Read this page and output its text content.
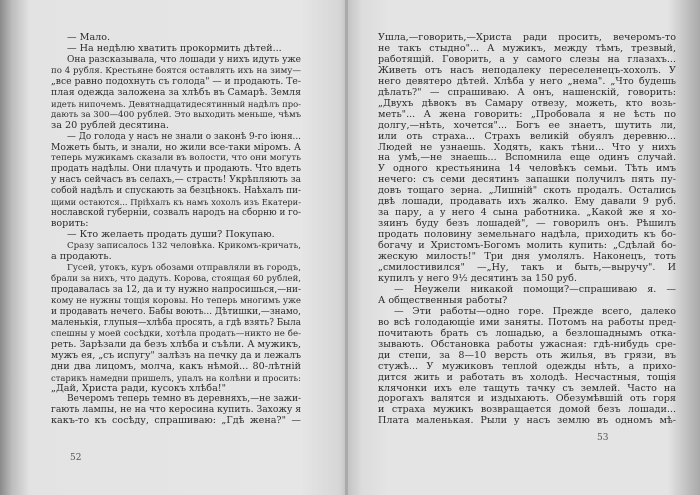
— Мало.
— На недѣлю хватить прокормить дѣтей...
Она разсказывала, что лошади у нихъ идуть уже
по 4 рубля. Крестьяне боятся оставлять ихъ на зиму—
„все равно подохнуть съ голода" — и продають. Те-
плая одежда заложена за хлѣбъ въ Самарѣ. Земля
идеть нипочемъ. Девятнадцатидесятинный надѣлъ про-
дають за 300—400 рублей. Это выходить меньше, чѣмъ
за 20 рублей десятина.
— До голода у насъ не знали о законѣ 9-го іюня...
Можеть быть, и знали, но жили все-таки міромъ. А
теперь мужикамъ сказали въ волости, что они могуть
продать надѣлы. Они плачуть и продають. Что вдеть
у насъ сейчасъ въ селахъ,— страсть! Укрѣпляють за
собой надѣлъ и спускають за безцѣнокъ. Наѣхалъ пи-
щими остаются... Пріѣхалъ къ намъ хохолъ изъ Екатери-
нославской губерніи, созвалъ народъ на сборню и го-
ворить:
— Кто желаеть продать души? Покупаю.
Сразу записалось 132 человѣка. Крикомъ-кричать,
а продають.
Гусей, утокъ, куръ обозами отправляли въ городъ,
брали за нихъ, что дадуть. Корова, стоящая 60 рублей,
продавалась за 12, да и ту нужно напросишься,—ни-
кому не нужны тощія коровы. Но теперь многимъ уже
и продавать нечего. Бабы воють... Дѣтишки,—знамо,
маленькія, глупыя—хлѣба просять, а гдѣ взять? Была
спешны у моей сосѣдки, хотѣла продать—никто не бе-
реть. Зарѣзали да безъ хлѣба и съѣли. А мужикъ,
мужъ ея, „съ испугу" залѣзъ на печку да и лежалъ
дни два лицомъ, молча, какъ нѣмой... 80-лѣтній
старикъ намедни пришелъ, упалъ на колѣни и просить:
„Дай, Христа ради, кусокъ хлѣба!"
Вечеромъ теперь темно въ деревняхъ,—не зажи-
гають лампы, не на что керосина купить. Захожу я
какъ-то къ сосѣду, спрашиваю: „Гдѣ жена?" —
52
Ушла,—говорить,—Христа ради просить, вечеромъ-то
не такъ стыдно"... А мужикъ, между тѣмъ, трезвый,
работящій. Говорить, а у самого слезы на глазахъ...
Живеть отъ насъ неподалеку переселенецъ-хохолъ. У
него девятеро дѣтей. Хлѣба у него „нема". „Что будешь
дѣлать?" — спрашиваю. А онъ, нашенскій, говорить:
„Двухъ дѣвокъ въ Самару отвезу, можеть, кто возь-
меть"... А жена говорить: „Пробовала я не ѣсть по
долгу,—нѣть, хочется"... Богъ ее знаетъ, шутить ли,
или оть страха... Страхъ великій обуялъ деревню...
Людей не узнаешь. Ходять, какъ тѣни... Что у нихъ
на умѣ,—не знаешь... Вспомнила еще одинъ случай.
У одного крестьянина 14 человѣкъ семьи. Тѣть имъ
нечего: съ семи десятинъ запашки получилъ пять пу-
довъ тощаго зерна. „Лишній" скоть продалъ. Остались
двѣ лошади, продавать ихъ жалко. Ему давали 9 руб.
за пару, а у него 4 сына работника. „Какой же я хо-
зяинъ буду безъ лошадей", — говорилъ онъ. Рѣшилъ
продать половину земельнаго надѣла, приходить къ бо-
богачу и Христомъ-Богомъ молить купить: „Сдѣлай бо-
жескую милость!" Три дня умолялъ. Наконецъ, тоть
„смилостивился" —„Ну, такъ и быть,—выручу". И
купилъ у него 9½ десятинъ за 150 руб.
— Неужели никакой помощи?—спрашиваю я. —
А общественныя работы?
— Эти работы—одно горе. Прежде всего, далеко
во всѣ голодающіе ими заняты. Потомъ на работы пред-
почитають брать съ лошадью, а безлошаднымъ отка-
зывають. Обстановка работы ужасная: гдѣ-нибудь сре-
ди степи, за 8—10 версть оть жилья, въ грязи, въ
стужѣ... У мужиковъ теплой одежды нѣть, а прихо-
дится жить и работать въ холодѣ. Несчастныя, тощія
клячонки ихъ еле тащуть тачку съ землей. Часто на
дорогахъ валятся и издыхають. Обезумѣвшій оть горя
и страха мужикъ возвращается домой безъ лошади...
Плата маленькая. Рыли у насъ землю въ одномъ мѣ-
53
